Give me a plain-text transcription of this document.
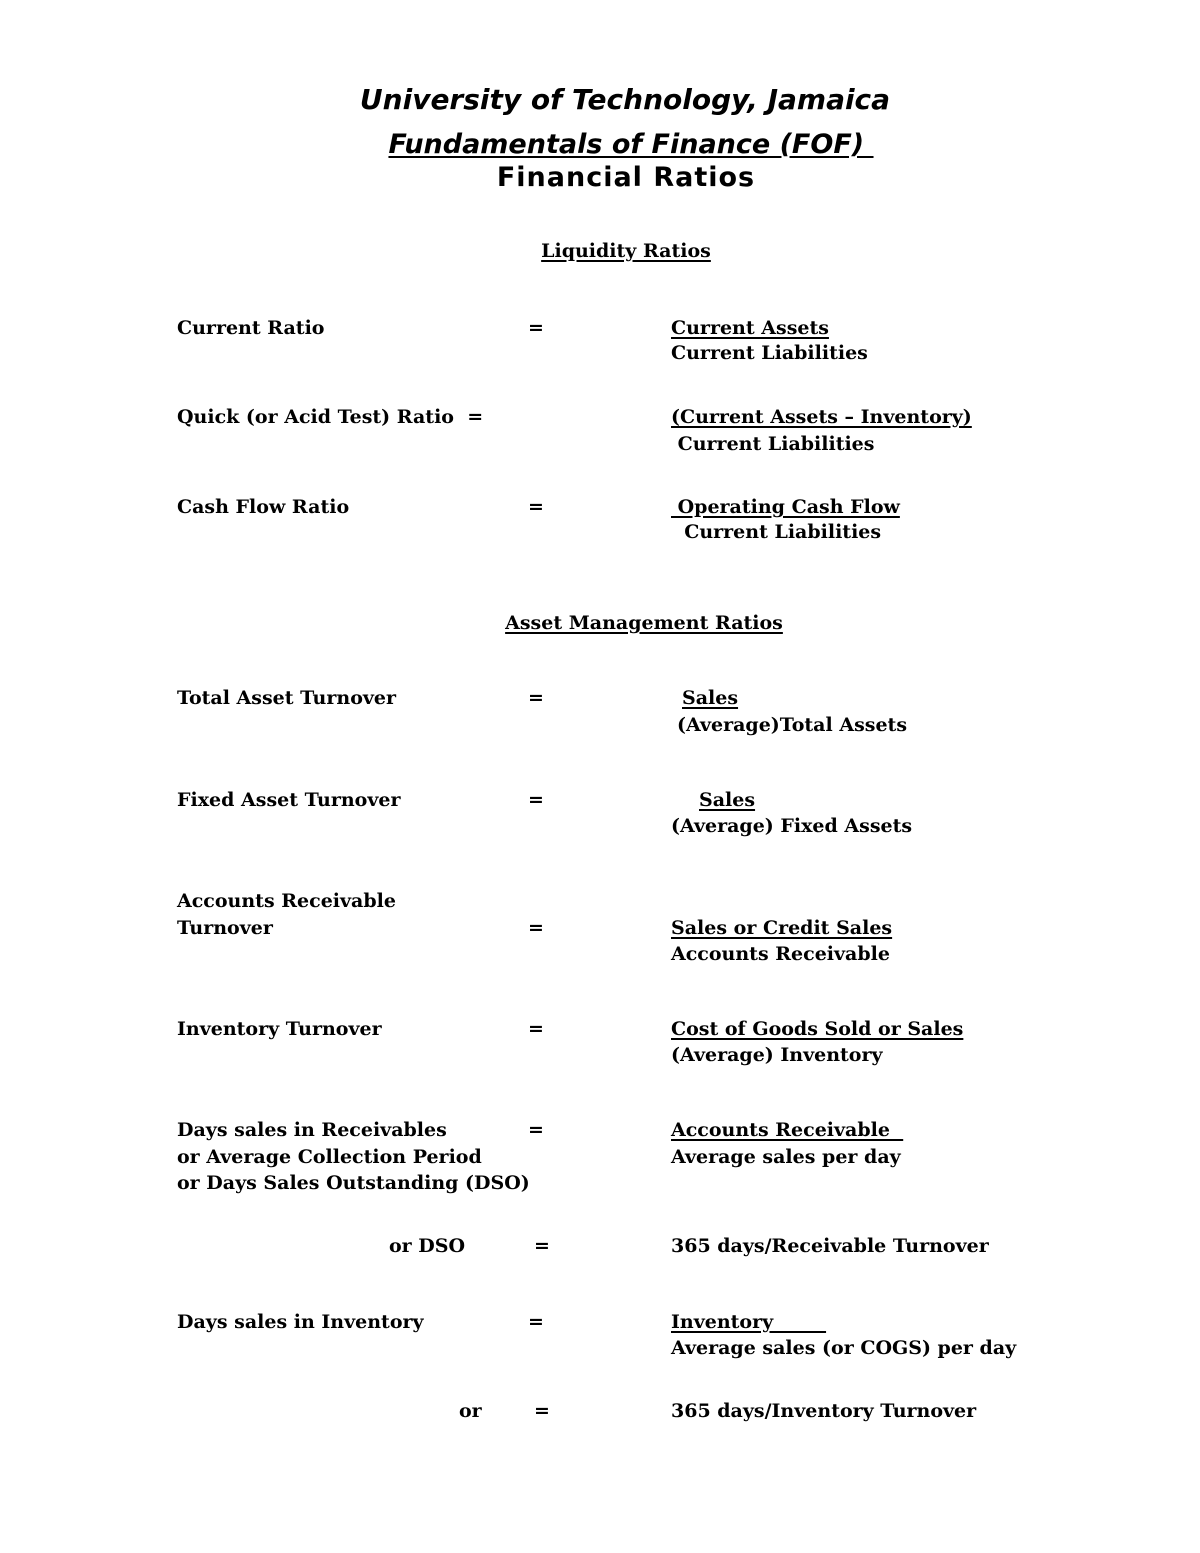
University of Technology, Jamaica
Fundamentals of Finance (FOF)
Financial Ratios
Liquidity Ratios
Current Ratio	=	Current Assets
Current Liabilities
Quick (or Acid Test) Ratio  =	(Current Assets – Inventory)
Current Liabilities
Cash Flow Ratio	=	Operating Cash Flow
Current Liabilities
Asset Management Ratios
Total Asset Turnover	=	Sales
(Average)Total Assets
Fixed Asset Turnover	=	Sales
(Average) Fixed Assets
Accounts Receivable
Turnover	=	Sales or Credit Sales
Accounts Receivable
Inventory Turnover	=	Cost of Goods Sold or Sales
(Average) Inventory
Days sales in Receivables
or Average Collection Period
or Days Sales Outstanding (DSO)
=	Accounts Receivable
Average sales per day
or DSO	=	365 days/Receivable Turnover
Days sales in Inventory	=	Inventory
Average sales (or COGS) per day
or	=	365 days/Inventory Turnover
